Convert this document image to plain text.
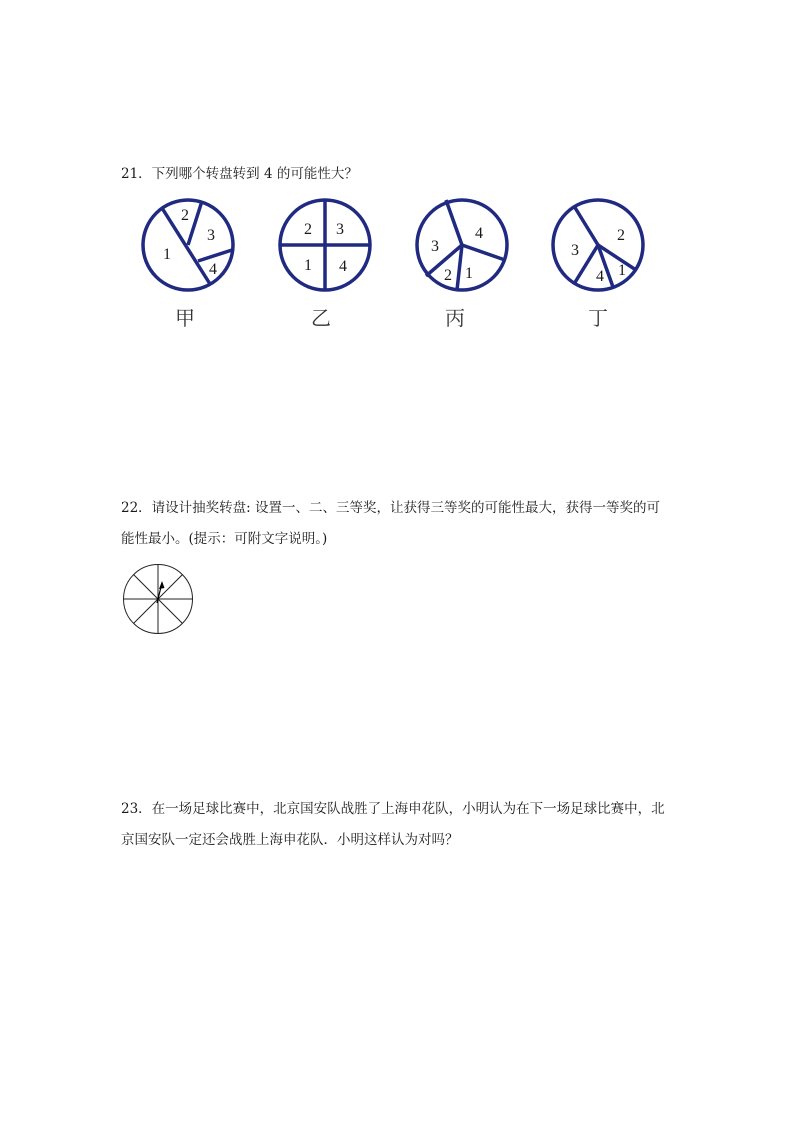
21．下列哪个转盘转到 4 的可能性大？

2
3
1
4
甲
2 3
1 4
乙
4
3
2 1
丙
2
3
4 1
丁

22．请设计抽奖转盘: 设置一、二、三等奖，让获得三等奖的可能性最大，获得一等奖的可

能性最小。(提示：可附文字说明。)

23．在一场足球比赛中，北京国安队战胜了上海申花队，小明认为在下一场足球比赛中，北

京国安队一定还会战胜上海申花队．小明这样认为对吗？
